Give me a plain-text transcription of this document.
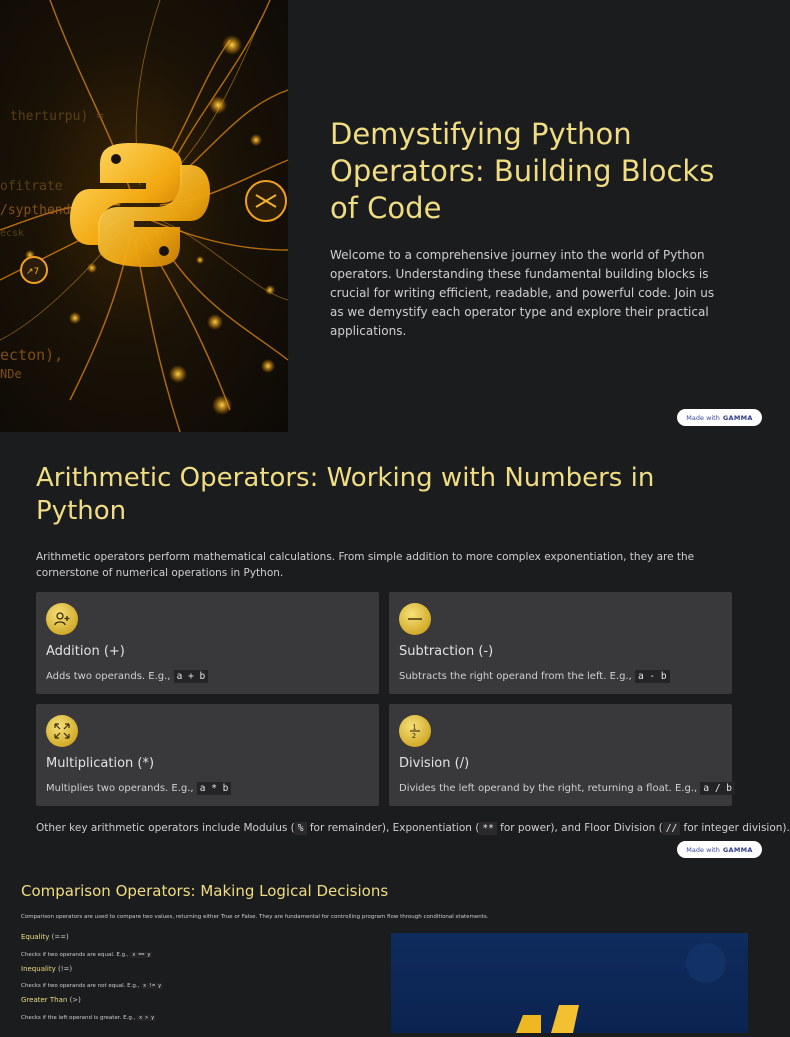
therturpu) =
ofitrate
/sypthend
ecsk
ecton),
NDe
↗7
Demystifying Python Operators: Building Blocks of Code

Welcome to a comprehensive journey into the world of Python operators. Understanding these fundamental building blocks is crucial for writing efficient, readable, and powerful code. Join us as we demystify each operator type and explore their practical applications.

Made with GAMMA
Arithmetic Operators: Working with Numbers in Python

Arithmetic operators perform mathematical calculations. From simple addition to more complex exponentiation, they are the cornerstone of numerical operations in Python.

Addition (+)
Adds two operands. E.g., a + b
Subtraction (-)
Subtracts the right operand from the left. E.g., a - b
Multiplication (*)
Multiplies two operands. E.g., a * b
1
2
Division (/)
Divides the left operand by the right, returning a float. E.g., a / b

Other key arithmetic operators include Modulus ( % for remainder), Exponentiation ( ** for power), and Floor Division ( // for integer division).

Made with GAMMA
Comparison Operators: Making Logical Decisions

Comparison operators are used to compare two values, returning either True or False. They are fundamental for controlling program flow through conditional statements.

Equality (==)
Checks if two operands are equal. E.g., x == y
Inequality (!=)
Checks if two operands are not equal. E.g., x != y
Greater Than (>)
Checks if the left operand is greater. E.g., x > y
